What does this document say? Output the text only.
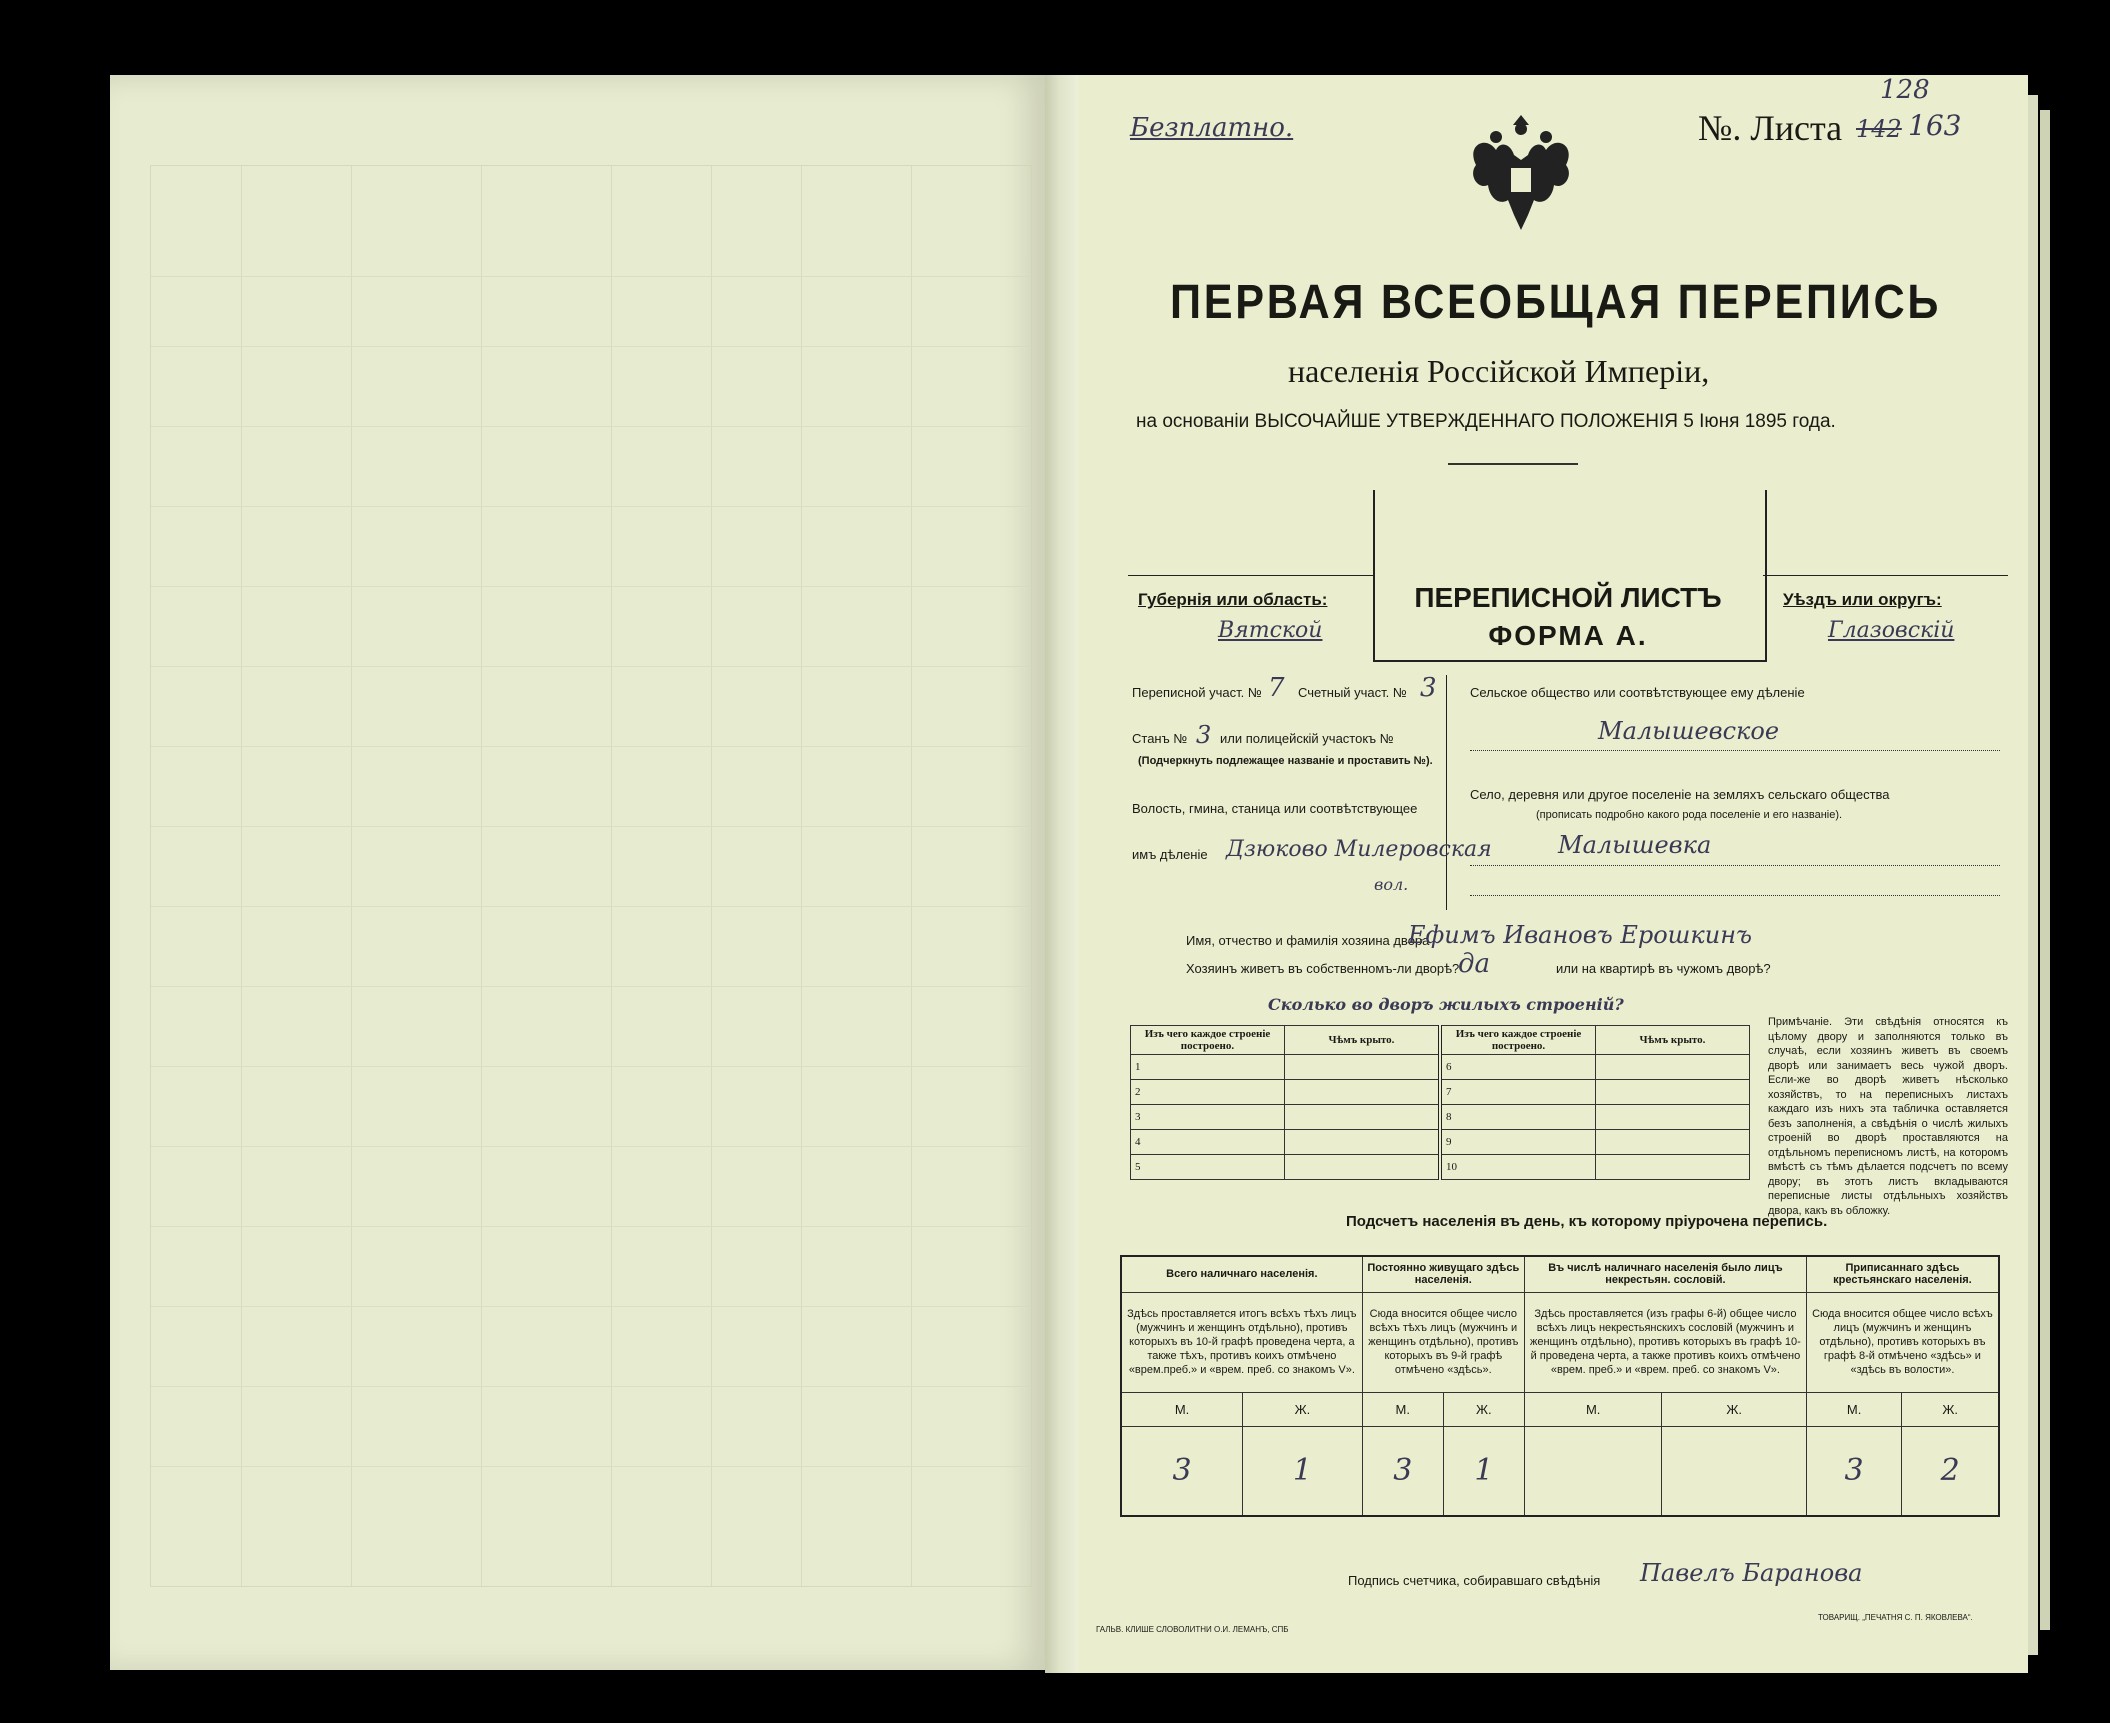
Безплатно.	№. Листа 142 163
128
ПЕРВАЯ ВСЕОБЩАЯ ПЕРЕПИСЬ
населенія Россійской Имперіи,
на основаніи ВЫСОЧАЙШЕ УТВЕРЖДЕННАГО ПОЛОЖЕНІЯ 5 Іюня 1895 года.
Губернія или область:
Вятской
ПЕРЕПИСНОЙ ЛИСТЪ
ФОРМА А.
Уѣздъ или округъ:
Глазовскій
Переписной участ. № 7 Счетный участ. № 3
Станъ № 3 или полицейскій участокъ №
(Подчеркнуть подлежащее названіе и проставить №).
Волость, гмина, станица или соотвѣтствующее
имъ дѣленіе Дзюково Милеровская
вол.
Сельское общество или соотвѣтствующее ему дѣленіе
Малышевское
Село, деревня или другое поселеніе на земляхъ сельскаго общества
(прописать подробно какого рода поселеніе и его названіе).
Малышевка
Имя, отчество и фамилія хозяина двора
Ефимъ Ивановъ Ерошкинъ
Хозяинъ живетъ въ собственномъ-ли дворѣ?
да	или на квартирѣ въ чужомъ дворѣ?
Сколько во дворъ жилыхъ строеній?
Изъ чего каждое строеніе построено.	Чѣмъ крыто.	Изъ чего каждое строеніе построено.	Чѣмъ крыто.
1		6	
2		7	
3		8	
4		9	
5		10	
Примѣчаніе. Эти свѣдѣнія относятся къ цѣлому двору и заполняются только въ случаѣ, если хозяинъ живетъ въ своемъ дворѣ или занимаетъ весь чужой дворъ. Если-же во дворѣ живетъ нѣсколько хозяйствъ, то на переписныхъ листахъ каждаго изъ нихъ эта табличка оставляется безъ заполненія, а свѣдѣнія о числѣ жилыхъ строеній во дворѣ проставляются на отдѣльномъ переписномъ листѣ, на которомъ вмѣстѣ съ тѣмъ дѣлается подсчетъ по всему двору; въ этотъ листъ вкладываются переписные листы отдѣльныхъ хозяйствъ двора, какъ въ обложку.
Подсчетъ населенія въ день, къ которому пріурочена перепись.
Всего наличнаго населенія.		Постоянно живущаго здѣсь населенія.		Въ числѣ наличнаго населенія было лицъ некрестьян. сословій.		Приписаннаго здѣсь крестьянскаго населенія.	
Здѣсь проставляется итогъ всѣхъ тѣхъ лицъ (мужчинъ и женщинъ отдѣльно), противъ которыхъ въ 10-й графѣ проведена черта, а также тѣхъ, противъ коихъ отмѣчено «врем.преб.» и «врем. преб. со знакомъ V».		Сюда вносится общее число всѣхъ тѣхъ лицъ (мужчинъ и женщинъ отдѣльно), противъ которыхъ въ 9-й графѣ отмѣчено «здѣсь».		Здѣсь проставляется (изъ графы 6-й) общее число всѣхъ лицъ некрестьянскихъ сословій (мужчинъ и женщинъ отдѣльно), противъ которыхъ въ графѣ 10-й проведена черта, а также противъ коихъ отмѣчено «врем. преб.» и «врем. преб. со знакомъ V».		Сюда вносится общее число всѣхъ лицъ (мужчинъ и женщинъ отдѣльно), противъ которыхъ въ графѣ 8-й отмѣчено «здѣсь» и «здѣсь въ волости».	
М.	Ж.	М.	Ж.	М.	Ж.	М.	Ж.
3	1	3	1			3	2
Подпись счетчика, собиравшаго свѣдѣнія Павелъ Баранова
ГАЛЬВ. КЛИШЕ СЛОВОЛИТНИ О.И. ЛЕМАНЪ, СПБ
ТОВАРИЩ. „ПЕЧАТНЯ С. П. ЯКОВЛЕВА“.
